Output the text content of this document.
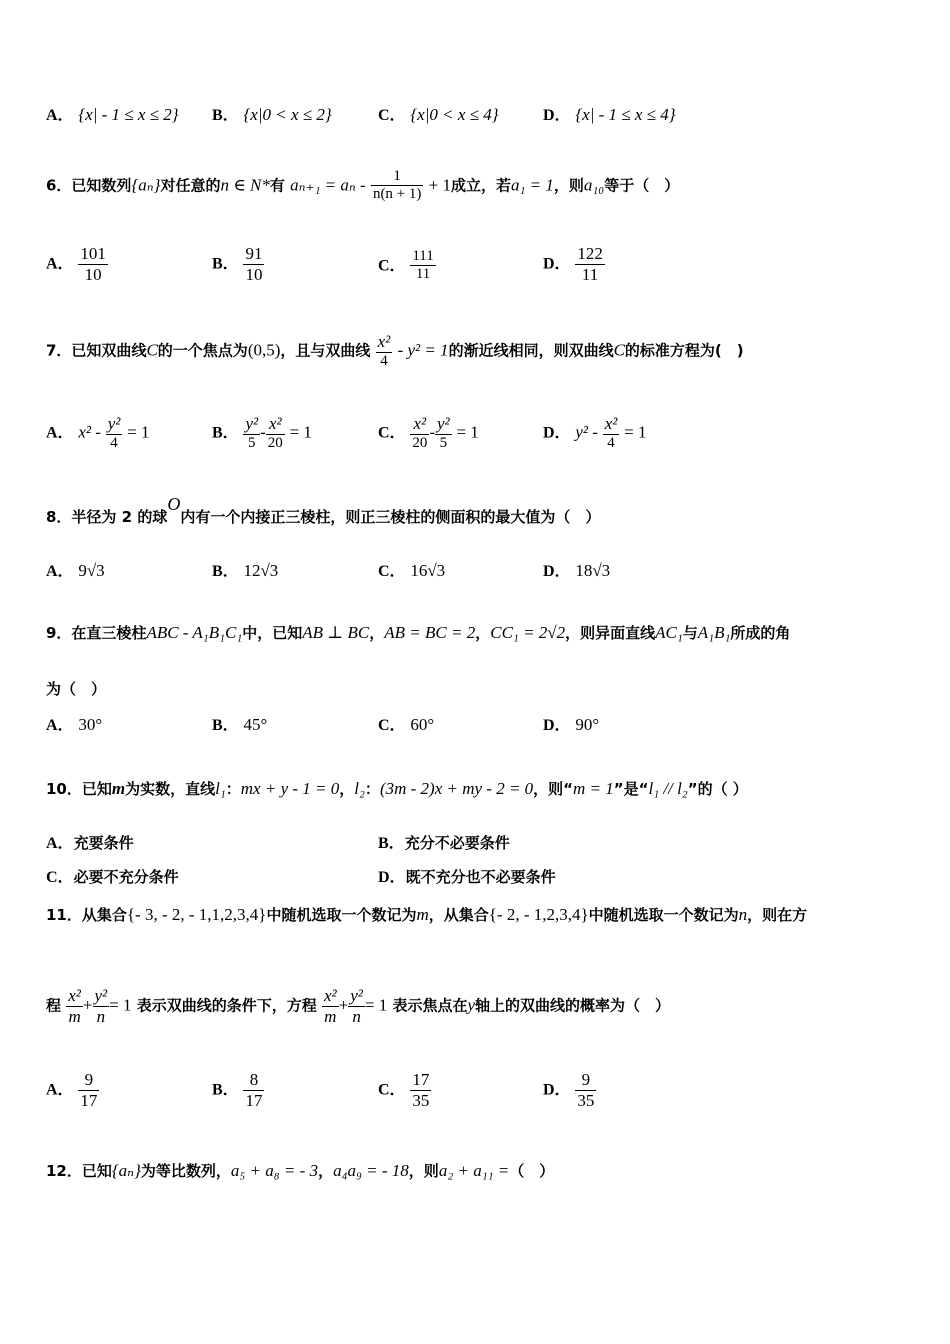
A． {x| - 1 ≤ x ≤ 2} B． {x|0 < x ≤ 2}	C． {x|0 < x ≤ 4}	D． {x| - 1 ≤ x ≤ 4}
6．已知数列{aₙ}对任意的n ∈ N*有 $a_{n+1} = a_n - \frac{1}{n(n + 1)} + 1$成立，若a₁ = 1，则a₁₀等于（　）
A． $\frac{101}{10}$	B． $\frac{91}{10}$	C． $\frac{111}{11}$	D． $\frac{122}{11}$
7．已知双曲线C的一个焦点为(0,5)，且与双曲线 $\frac{\text{x²}}{4} - y^2 = 1$的渐近线相同，则双曲线C的标准方程为(　)
A． $x^2 - \frac{\text{y²}}{4} = 1$	B． $\frac{\text{y²}}{5} - \frac{\text{x²}}{20} = 1$	C． $\frac{\text{x²}}{20} - \frac{\text{y²}}{5} = 1$	D． $y^2 - \frac{\text{x²}}{4} = 1$
8．半径为 2 的球O内有一个内接正三棱柱，则正三棱柱的侧面积的最大值为（　）
A． 9√3	B． 12√3	C． 16√3	D． 18√3
9．在直三棱柱ABC - A₁B₁C₁中，已知AB ⊥ BC，AB = BC = 2，CC₁ = 2√2，则异面直线AC₁与A₁B₁所成的角
为（　）
A． 30°	B． 45°	C． 60°	D． 90°
10．已知m为实数，直线l₁：mx + y - 1 = 0，l₂：(3m - 2)x + my - 2 = 0，则“m = 1”是“l₁ // l₂”的（ ）
A．充要条件	B．充分不必要条件
C．必要不充分条件	D．既不充分也不必要条件
11．从集合{- 3, - 2, - 1,1,2,3,4}中随机选取一个数记为m，从集合{- 2, - 1,2,3,4}中随机选取一个数记为n，则在方
程 $\frac{\text{x²}}{m} + \frac{\text{y²}}{n} = 1$ 表示双曲线的条件下，方程 $\frac{\text{x²}}{m} + \frac{\text{y²}}{n} = 1$ 表示焦点在y轴上的双曲线的概率为（　）
A． $\frac{9}{17}$	B． $\frac{8}{17}$	C． $\frac{17}{35}$	D． $\frac{9}{35}$
12．已知{aₙ}为等比数列，a₅ + a₈ = - 3，a₄a₉ = - 18，则a₂ + a₁₁ =（　）
